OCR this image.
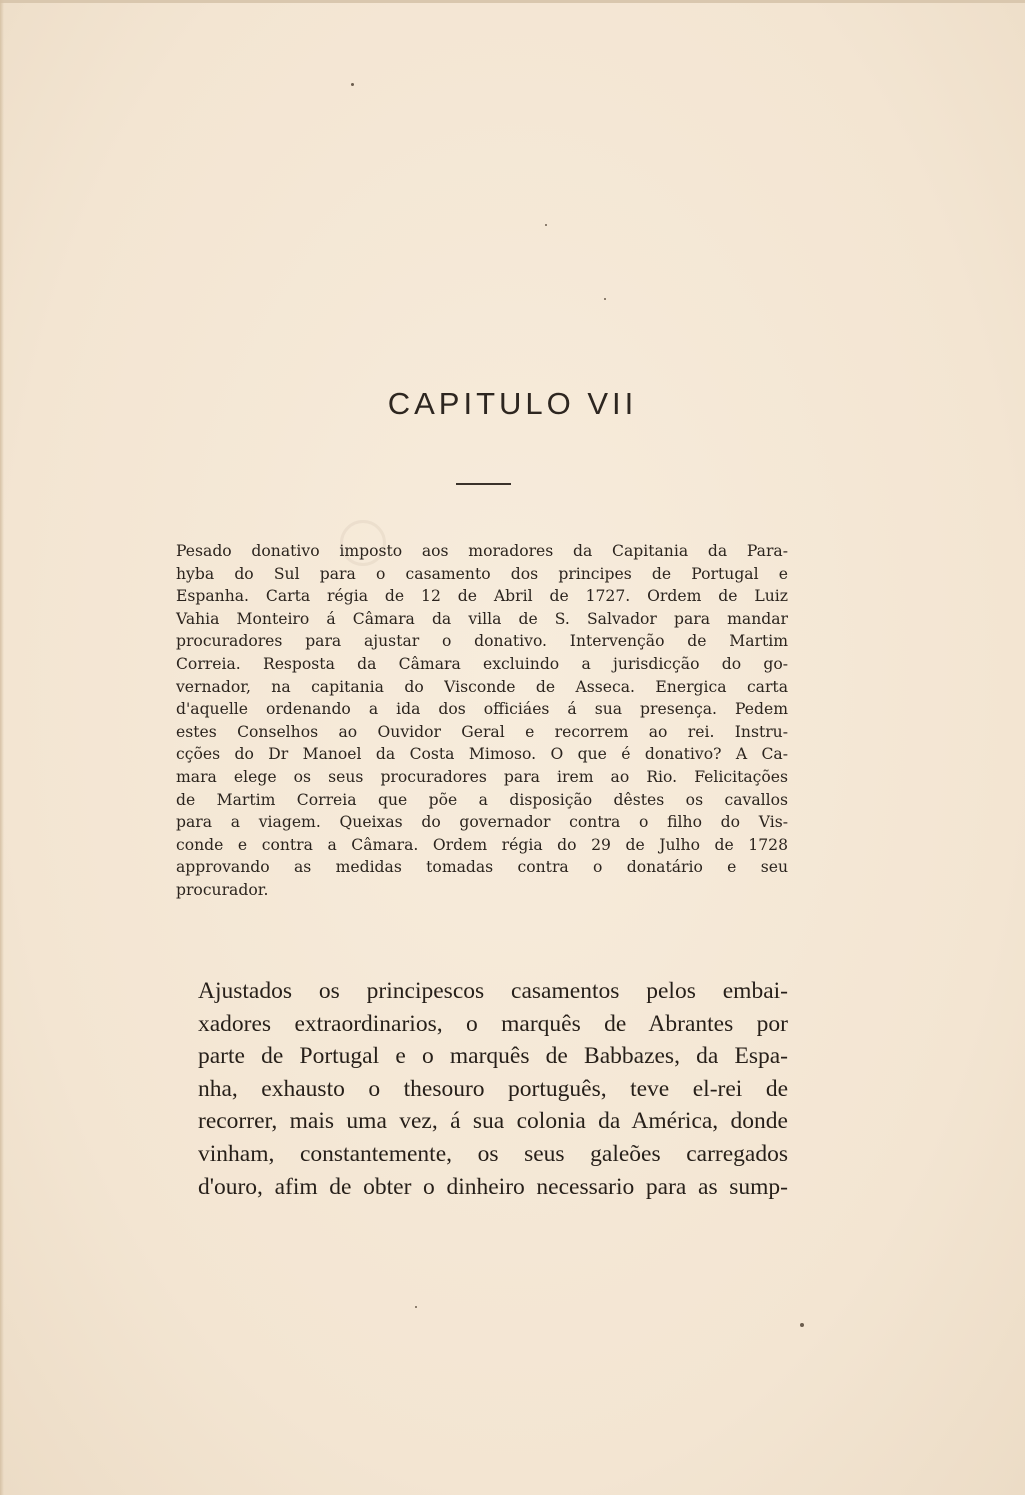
CAPITULO VII
Pesado donativo imposto aos moradores da Capitania da Para-
hyba do Sul para o casamento dos principes de Portugal e
Espanha. Carta régia de 12 de Abril de 1727. Ordem de Luiz
Vahia Monteiro á Câmara da villa de S. Salvador para mandar
procuradores para ajustar o donativo. Intervenção de Martim
Correia. Resposta da Câmara excluindo a jurisdicção do go-
vernador, na capitania do Visconde de Asseca. Energica carta
d'aquelle ordenando a ida dos officiáes á sua presença. Pedem
estes Conselhos ao Ouvidor Geral e recorrem ao rei. Instru-
cções do Dr Manoel da Costa Mimoso. O que é donativo? A Ca-
mara elege os seus procuradores para irem ao Rio. Felicitações
de Martim Correia que põe a disposição dêstes os cavallos
para a viagem. Queixas do governador contra o filho do Vis-
conde e contra a Câmara. Ordem régia do 29 de Julho de 1728
approvando as medidas tomadas contra o donatário e seu
procurador.
Ajustados os principescos casamentos pelos embai-
xadores extraordinarios, o marquês de Abrantes por
parte de Portugal e o marquês de Babbazes, da Espa-
nha, exhausto o thesouro português, teve el-rei de
recorrer, mais uma vez, á sua colonia da América, donde
vinham, constantemente, os seus galeões carregados
d'ouro, afim de obter o dinheiro necessario para as sump-
